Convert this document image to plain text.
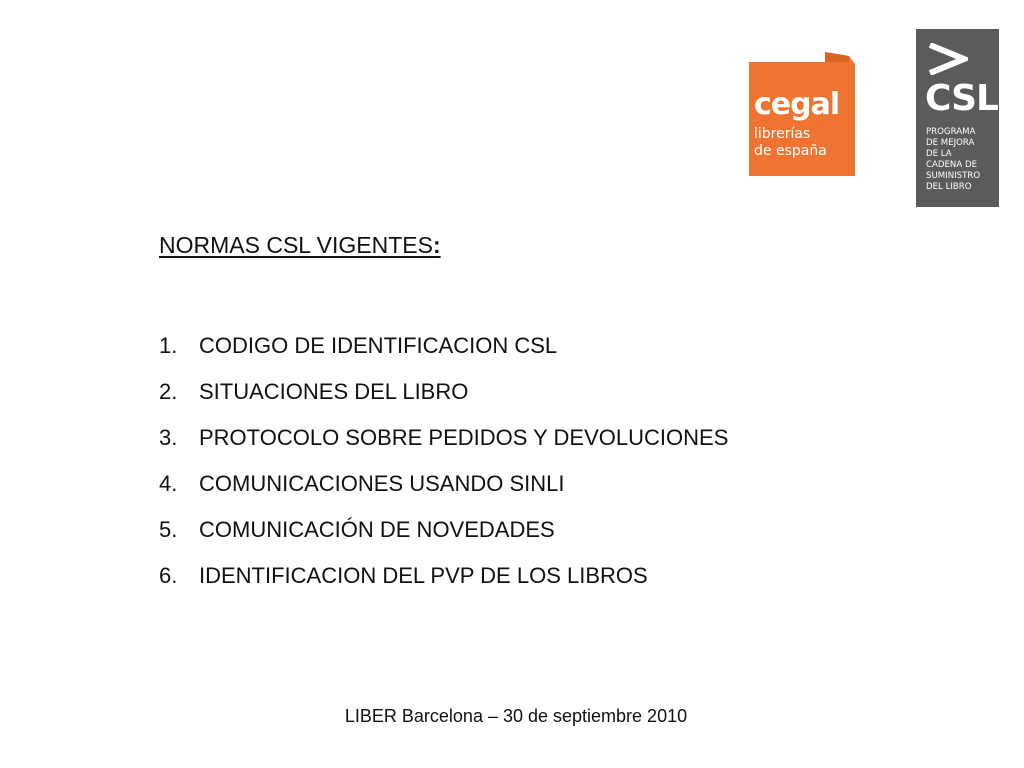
cegal
librerías
de españa
CSL
PROGRAMA
DE MEJORA
DE LA
CADENA DE
SUMINISTRO
DEL LIBRO
NORMAS CSL VIGENTES:
1. CODIGO DE IDENTIFICACION CSL
2. SITUACIONES DEL LIBRO
3. PROTOCOLO SOBRE PEDIDOS Y DEVOLUCIONES
4. COMUNICACIONES USANDO SINLI
5. COMUNICACIÓN DE NOVEDADES
6. IDENTIFICACION DEL PVP DE LOS LIBROS
LIBER Barcelona – 30 de septiembre 2010
